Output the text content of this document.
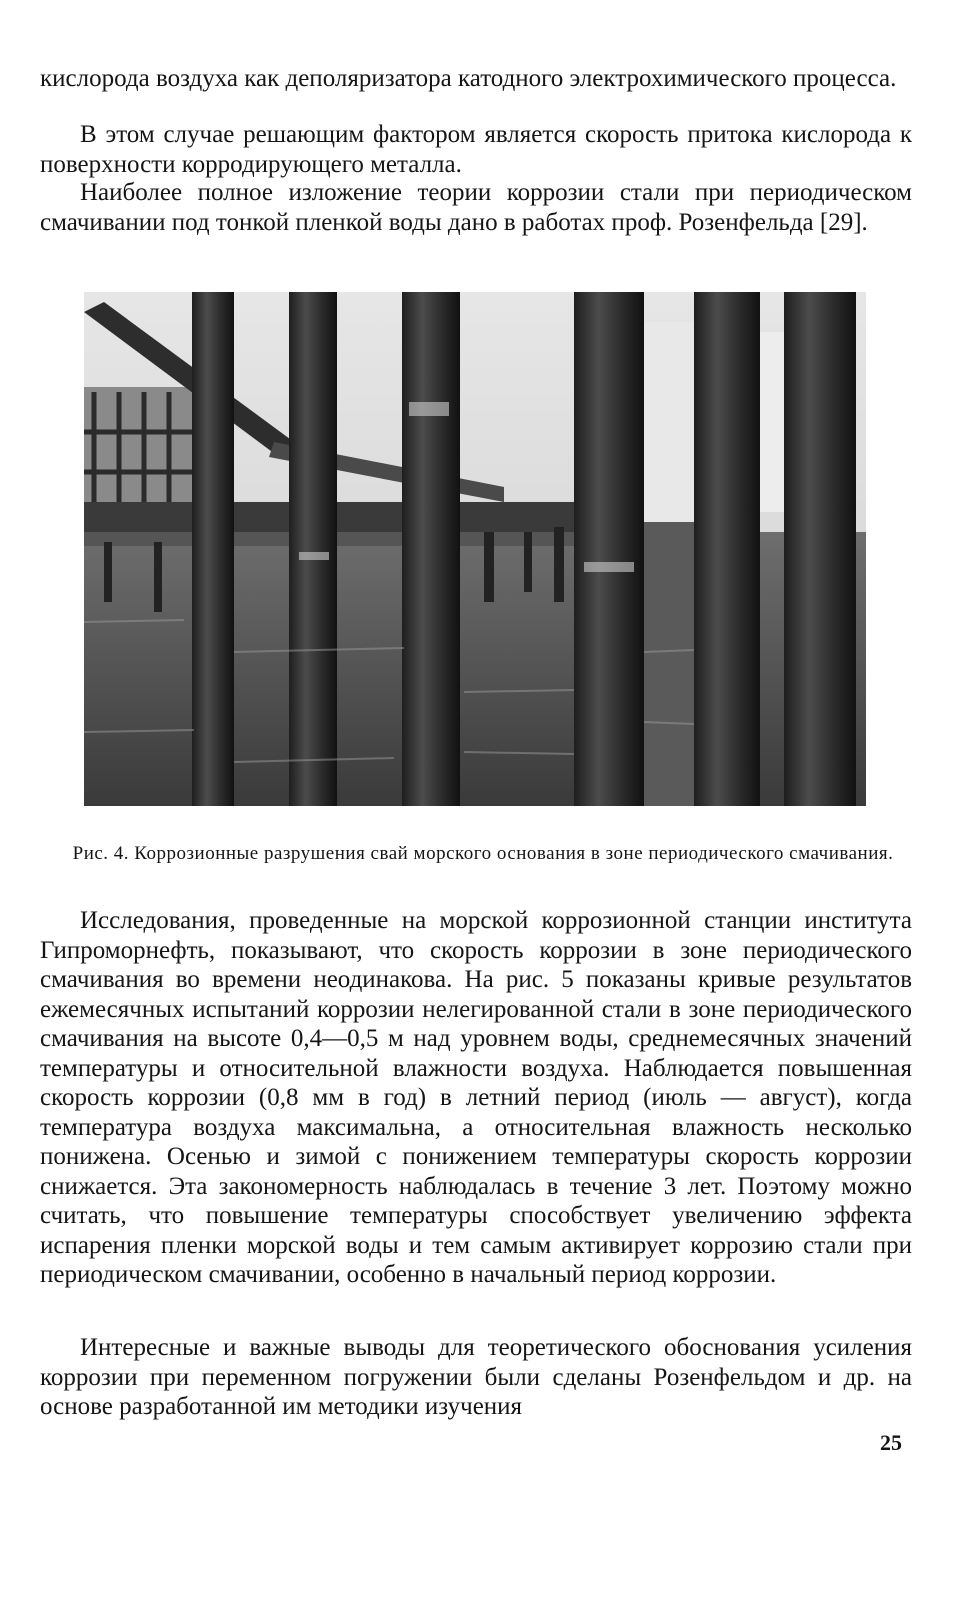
кислорода воздуха как деполяризатора катодного электрохимического процесса.

В этом случае решающим фактором является скорость притока кислорода к поверхности корродирующего металла.

Наиболее полное изложение теории коррозии стали при периодическом смачивании под тонкой пленкой воды дано в работах проф. Розенфельда [29].

Рис. 4. Коррозионные разрушения свай морского основания в зоне периодического смачивания.

Исследования, проведенные на морской коррозионной станции института Гипроморнефть, показывают, что скорость коррозии в зоне периодического смачивания во времени неодинакова. На рис. 5 показаны кривые результатов ежемесячных испытаний коррозии нелегированной стали в зоне периодического смачивания на высоте 0,4—0,5 м над уровнем воды, среднемесячных значений температуры и относительной влажности воздуха. Наблюдается повышенная скорость коррозии (0,8 мм в год) в летний период (июль — август), когда температура воздуха максимальна, а относительная влажность несколько понижена. Осенью и зимой с понижением температуры скорость коррозии снижается. Эта закономерность наблюдалась в течение 3 лет. Поэтому можно считать, что повышение температуры способствует увеличению эффекта испарения пленки морской воды и тем самым активирует коррозию стали при периодическом смачивании, особенно в начальный период коррозии.

Интересные и важные выводы для теоретического обоснования усиления коррозии при переменном погружении были сделаны Розенфельдом и др. на основе разработанной им методики изучения

25
